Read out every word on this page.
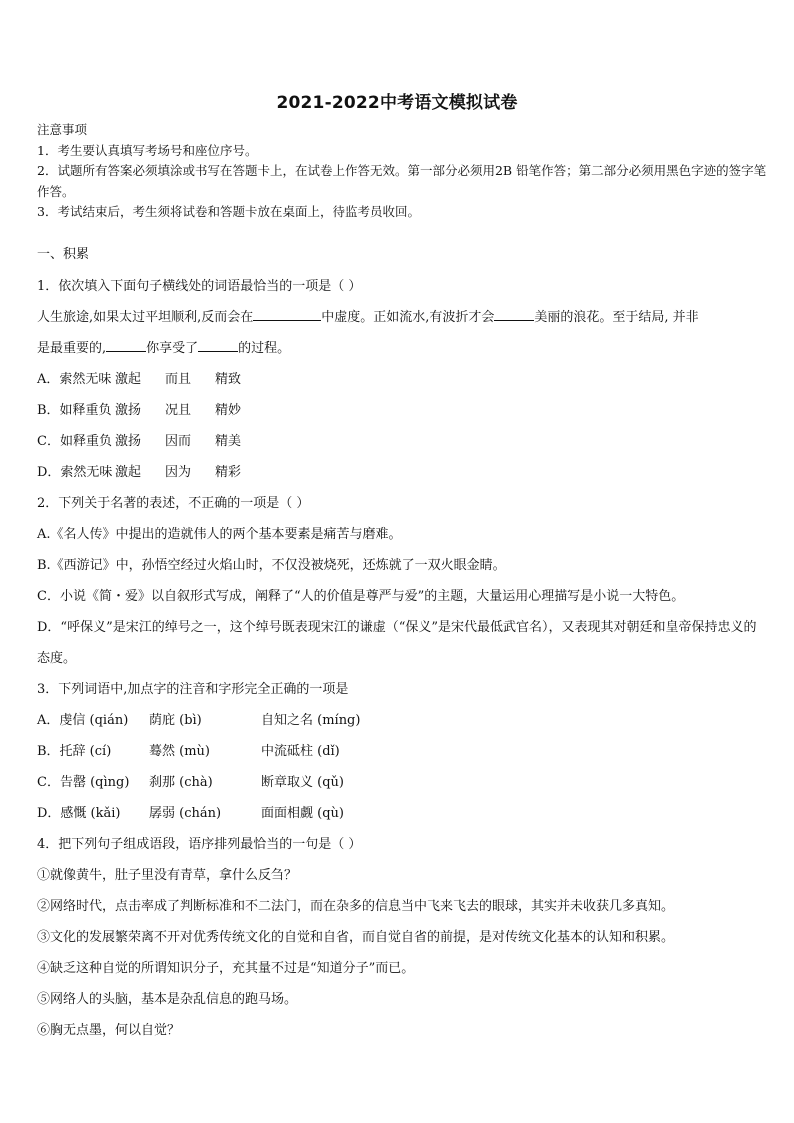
2021-2022中考语文模拟试卷
注意事项
1．考生要认真填写考场号和座位序号。
2．试题所有答案必须填涂或书写在答题卡上，在试卷上作答无效。第一部分必须用2B 铅笔作答；第二部分必须用黑色字迹的签字笔作答。
3．考试结束后，考生须将试卷和答题卡放在桌面上，待监考员收回。
一、积累
1．依次填入下面句子横线处的词语最恰当的一项是（ ）
人生旅途,如果太过平坦顺利,反而会在	中虚度。正如流水,有波折才会	美丽的浪花。至于结局, 并非
是最重要的,	你享受了	的过程。
A．索然无味 激起 而且 精致
B．如释重负 激扬 况且 精妙
C．如释重负 激扬 因而 精美
D．索然无味 激起 因为 精彩
2．下列关于名著的表述，不正确的一项是（ ）
A.《名人传》中提出的造就伟人的两个基本要素是痛苦与磨难。
B.《西游记》中，孙悟空经过火焰山时，不仅没被烧死，还炼就了一双火眼金睛。
C．小说《简・爱》以自叙形式写成，阐释了“人的价值是尊严与爱”的主题，大量运用心理描写是小说一大特色。
D．“呼保义”是宋江的绰号之一，这个绰号既表现宋江的谦虚（“保义”是宋代最低武官名），又表现其对朝廷和皇帝保持忠义的态度。
3．下列词语中,加点字的注音和字形完全正确的一项是
A．虔信 (qián) 荫庇 (bì)	自知之名 (míng)
B．托辞 (cí)	蓦然 (mù)	中流砥柱 (dǐ)
C．告罄 (qìng) 刹那 (chà)	断章取义 (qǔ)
D．感慨 (kǎi) 孱弱 (chán)	面面相觑 (qù)
4．把下列句子组成语段，语序排列最恰当的一句是（ ）
①就像黄牛，肚子里没有青草，拿什么反刍？
②网络时代，点击率成了判断标准和不二法门，而在杂多的信息当中飞来飞去的眼球，其实并未收获几多真知。
③文化的发展繁荣离不开对优秀传统文化的自觉和自省，而自觉自省的前提，是对传统文化基本的认知和积累。
④缺乏这种自觉的所谓知识分子，充其量不过是“知道分子”而已。
⑤网络人的头脑，基本是杂乱信息的跑马场。
⑥胸无点墨，何以自觉？
